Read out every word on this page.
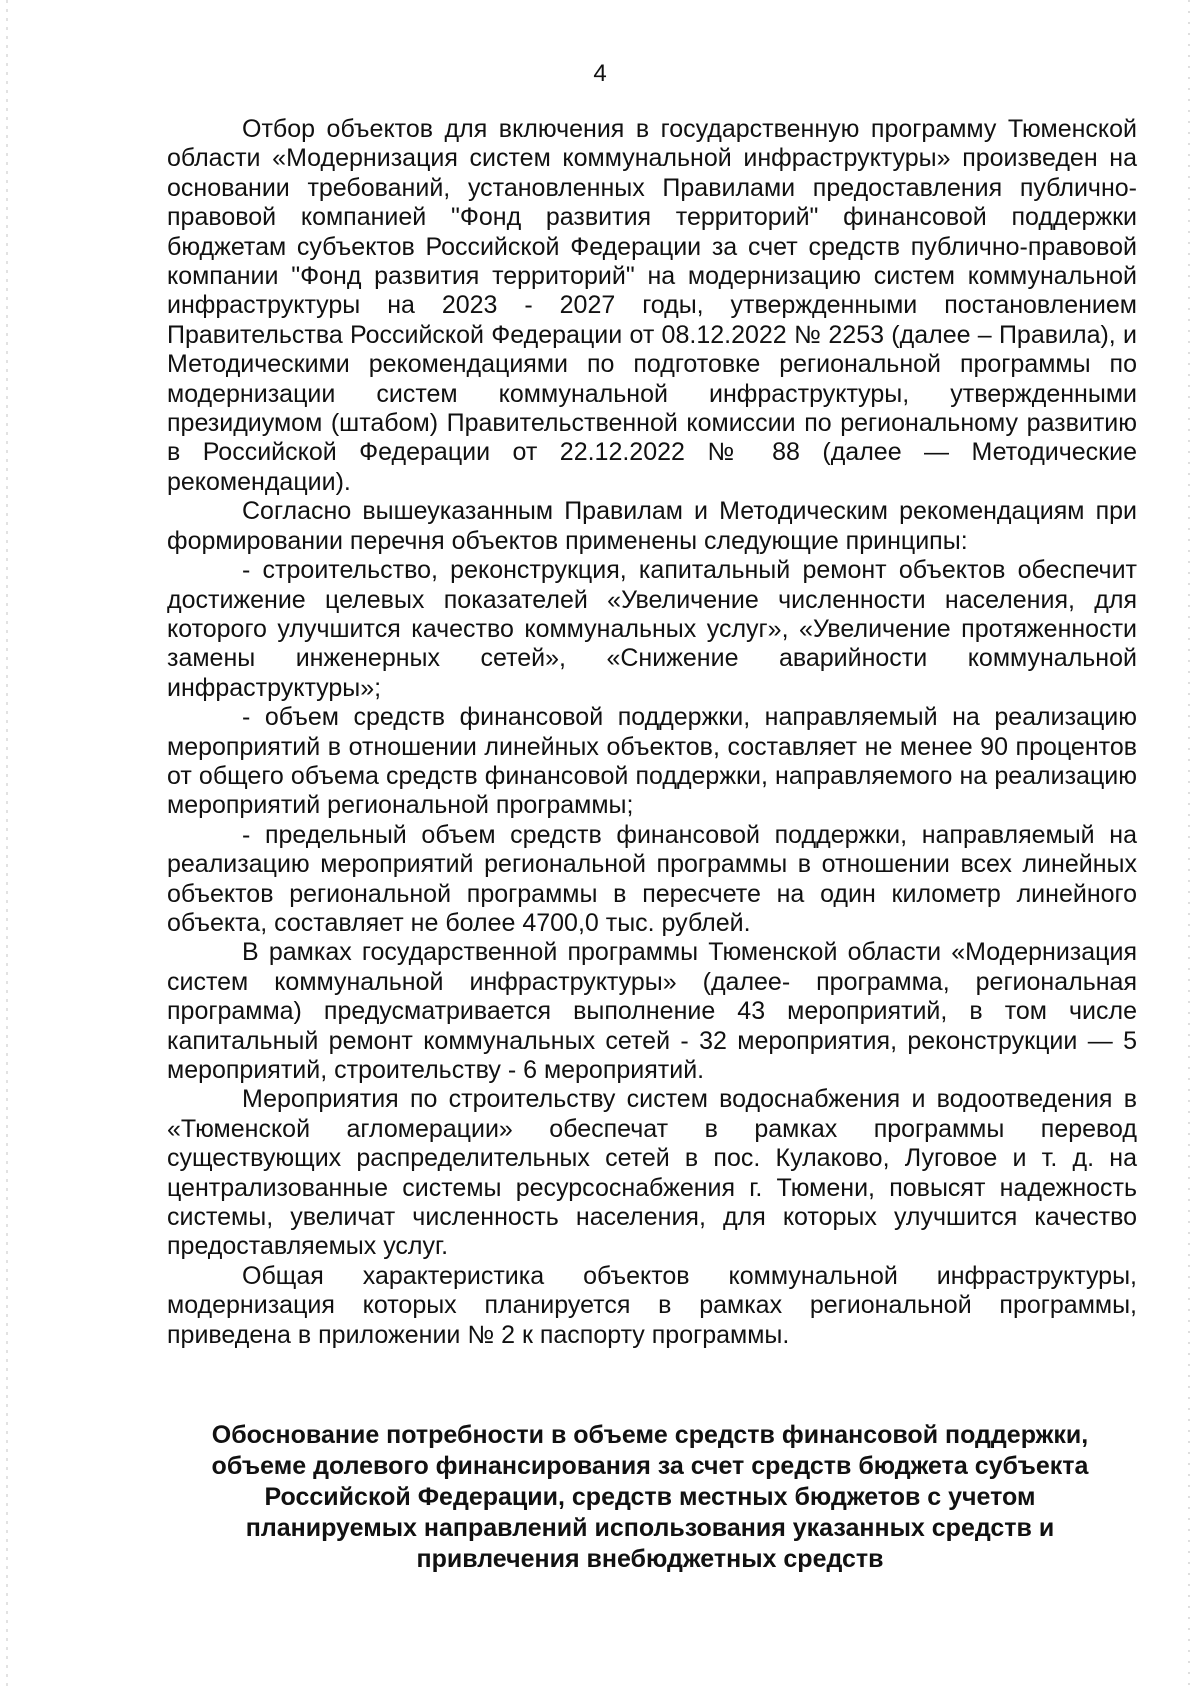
4

Отбор объектов для включения в государственную программу Тюменской области «Модернизация систем коммунальной инфраструктуры» произведен на основании требований, установленных Правилами предоставления публично-правовой компанией "Фонд развития территорий" финансовой поддержки бюджетам субъектов Российской Федерации за счет средств публично-правовой компании "Фонд развития территорий" на модернизацию систем коммунальной инфраструктуры на 2023 - 2027 годы, утвержденными постановлением Правительства Российской Федерации от 08.12.2022 № 2253 (далее – Правила), и Методическими рекомендациями по подготовке региональной программы по модернизации систем коммунальной инфраструктуры, утвержденными президиумом (штабом) Правительственной комиссии по региональному развитию в Российской Федерации от 22.12.2022 № 88 (далее — Методические рекомендации).

Согласно вышеуказанным Правилам и Методическим рекомендациям при формировании перечня объектов применены следующие принципы:

- строительство, реконструкция, капитальный ремонт объектов обеспечит достижение целевых показателей «Увеличение численности населения, для которого улучшится качество коммунальных услуг», «Увеличение протяженности замены инженерных сетей», «Снижение аварийности коммунальной инфраструктуры»;

- объем средств финансовой поддержки, направляемый на реализацию мероприятий в отношении линейных объектов, составляет не менее 90 процентов от общего объема средств финансовой поддержки, направляемого на реализацию мероприятий региональной программы;

- предельный объем средств финансовой поддержки, направляемый на реализацию мероприятий региональной программы в отношении всех линейных объектов региональной программы в пересчете на один километр линейного объекта, составляет не более 4700,0 тыс. рублей.

В рамках государственной программы Тюменской области «Модернизация систем коммунальной инфраструктуры» (далее- программа, региональная программа) предусматривается выполнение 43 мероприятий, в том числе капитальный ремонт коммунальных сетей - 32 мероприятия, реконструкции — 5 мероприятий, строительству - 6 мероприятий.

Мероприятия по строительству систем водоснабжения и водоотведения в «Тюменской агломерации» обеспечат в рамках программы перевод существующих распределительных сетей в пос. Кулаково, Луговое и т. д. на централизованные системы ресурсоснабжения г. Тюмени, повысят надежность системы, увеличат численность населения, для которых улучшится качество предоставляемых услуг.

Общая характеристика объектов коммунальной инфраструктуры, модернизация которых планируется в рамках региональной программы, приведена в приложении № 2 к паспорту программы.

Обоснование потребности в объеме средств финансовой поддержки,
объеме долевого финансирования за счет средств бюджета субъекта
Российской Федерации, средств местных бюджетов с учетом
планируемых направлений использования указанных средств и
привлечения внебюджетных средств
